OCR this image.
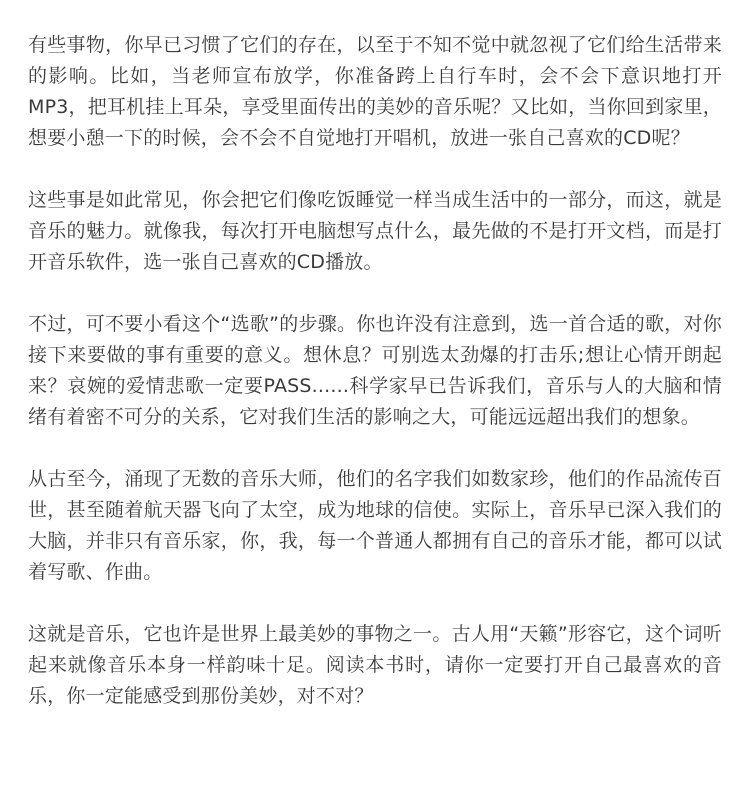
有些事物，你早已习惯了它们的存在，以至于不知不觉中就忽视了它们给生活带来的影响。比如，当老师宣布放学，你准备跨上自行车时，会不会下意识地打开MP3，把耳机挂上耳朵，享受里面传出的美妙的音乐呢？又比如，当你回到家里，想要小憩一下的时候，会不会不自觉地打开唱机，放进一张自己喜欢的CD呢？

这些事是如此常见，你会把它们像吃饭睡觉一样当成生活中的一部分，而这，就是音乐的魅力。就像我，每次打开电脑想写点什么，最先做的不是打开文档，而是打开音乐软件，选一张自己喜欢的CD播放。

不过，可不要小看这个“选歌”的步骤。你也许没有注意到，选一首合适的歌，对你接下来要做的事有重要的意义。想休息？可别选太劲爆的打击乐;想让心情开朗起来？哀婉的爱情悲歌一定要PASS......科学家早已告诉我们，音乐与人的大脑和情绪有着密不可分的关系，它对我们生活的影响之大，可能远远超出我们的想象。

从古至今，涌现了无数的音乐大师，他们的名字我们如数家珍，他们的作品流传百世，甚至随着航天器飞向了太空，成为地球的信使。实际上，音乐早已深入我们的大脑，并非只有音乐家，你，我，每一个普通人都拥有自己的音乐才能，都可以试着写歌、作曲。

这就是音乐，它也许是世界上最美妙的事物之一。古人用“天籁”形容它，这个词听起来就像音乐本身一样韵味十足。阅读本书时，请你一定要打开自己最喜欢的音乐，你一定能感受到那份美妙，对不对？
